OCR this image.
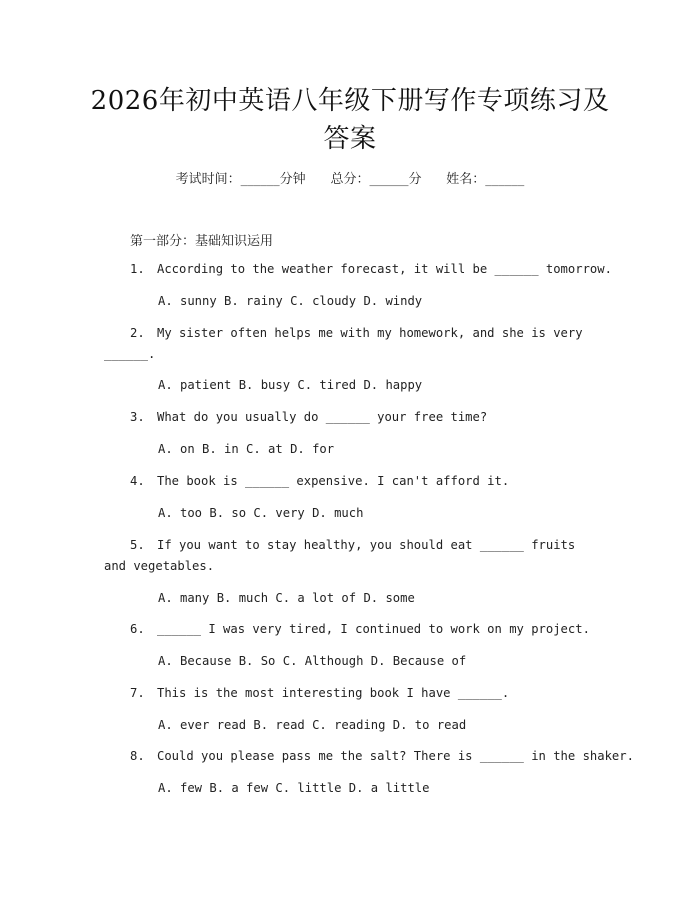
2026年初中英语八年级下册写作专项练习及答案
考试时间：______分钟 总分：______分 姓名：______
第一部分：基础知识运用
1.	According to the weather forecast, it will be ______ tomorrow.
A. sunny B. rainy C. cloudy D. windy
2.	My sister often helps me with my homework, and she is very ______.
A. patient B. busy C. tired D. happy
3.	What do you usually do ______ your free time?
A. on B. in C. at D. for
4.	The book is ______ expensive. I can't afford it.
A. too B. so C. very D. much
5.	If you want to stay healthy, you should eat ______ fruits and vegetables.
A. many B. much C. a lot of D. some
6.	______ I was very tired, I continued to work on my project.
A. Because B. So C. Although D. Because of
7.	This is the most interesting book I have ______.
A. ever read B. read C. reading D. to read
8.	Could you please pass me the salt? There is ______ in the shaker.
A. few B. a few C. little D. a little
